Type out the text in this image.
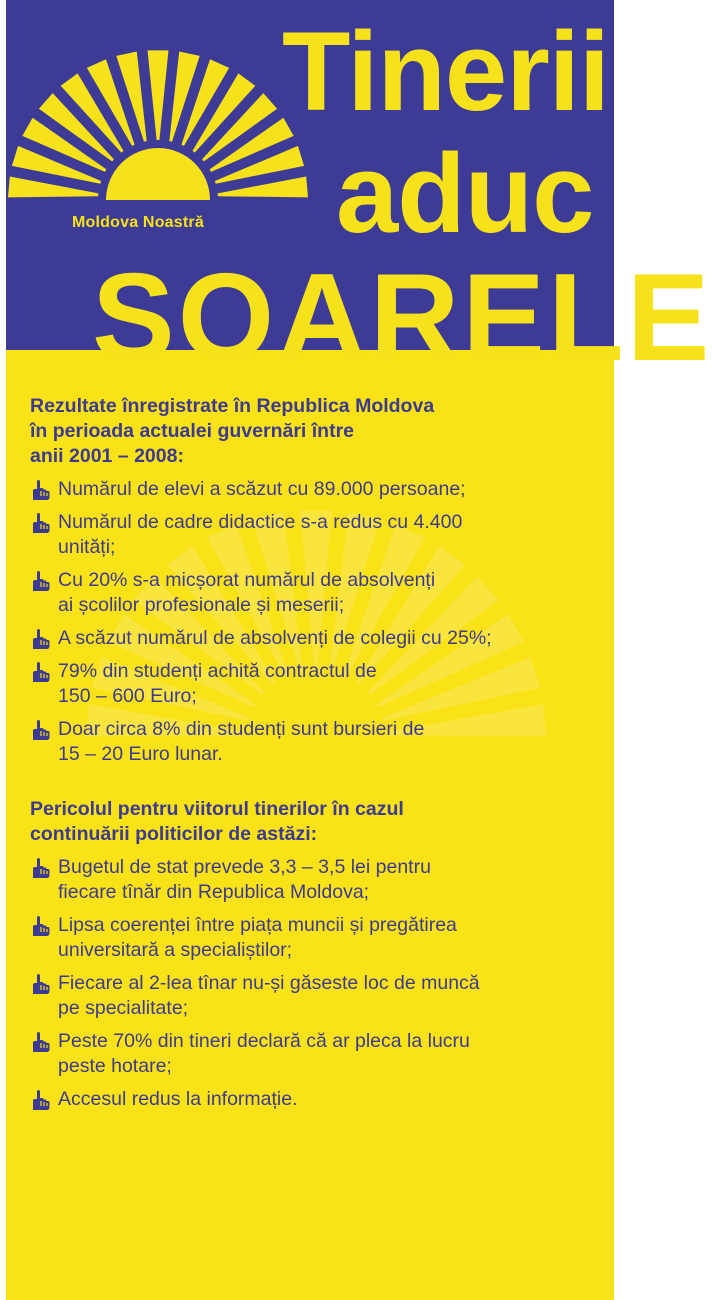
Moldova Noastră
Tinerii
aduc
SOARELE
Rezultate înregistrate în Republica Moldova
în perioada actualei guvernări între
anii 2001 – 2008:
Numărul de elevi a scăzut cu 89.000 persoane;
Numărul de cadre didactice s-a redus cu 4.400
unități;
Cu 20% s-a micșorat numărul de absolvenți
ai școlilor profesionale și meserii;
A scăzut numărul de absolvenți de colegii cu 25%;
79% din studenți achită contractul de
150 – 600 Euro;
Doar circa 8% din studenți sunt bursieri de
15 – 20 Euro lunar.
Pericolul pentru viitorul tinerilor în cazul
continuării politicilor de astăzi:
Bugetul de stat prevede 3,3 – 3,5 lei pentru
fiecare tînăr din Republica Moldova;
Lipsa coerenței între piața muncii și pregătirea
universitară a specialiștilor;
Fiecare al 2-lea tînar nu-și găseste loc de muncă
pe specialitate;
Peste 70% din tineri declară că ar pleca la lucru
peste hotare;
Accesul redus la informație.
